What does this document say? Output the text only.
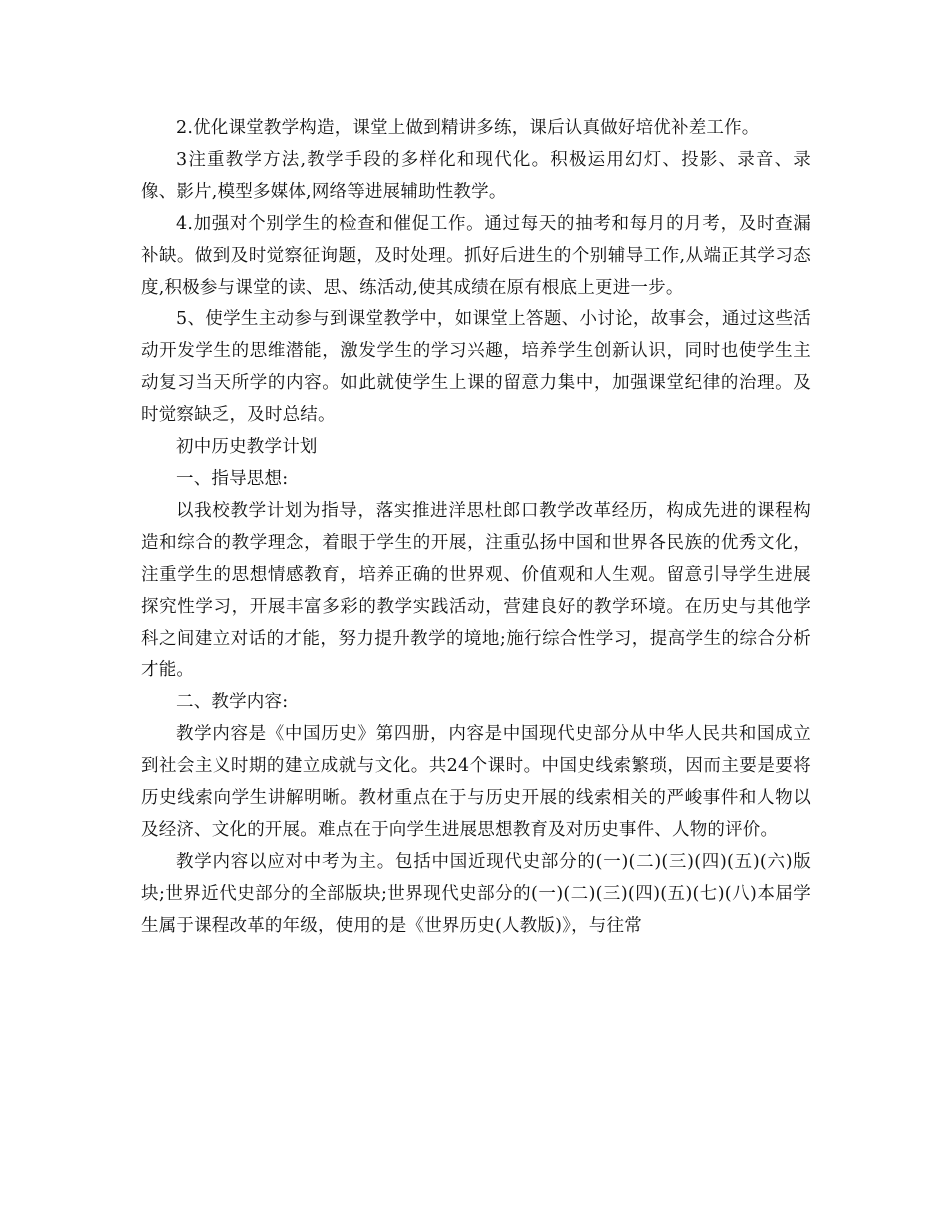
2.优化课堂教学构造，课堂上做到精讲多练，课后认真做好培优补差工作。

3注重教学方法,教学手段的多样化和现代化。积极运用幻灯、投影、录音、录像、影片,模型多媒体,网络等进展辅助性教学。

4.加强对个别学生的检查和催促工作。通过每天的抽考和每月的月考，及时查漏补缺。做到及时觉察征询题，及时处理。抓好后进生的个别辅导工作,从端正其学习态度,积极参与课堂的读、思、练活动,使其成绩在原有根底上更进一步。

5、使学生主动参与到课堂教学中，如课堂上答题、小讨论，故事会，通过这些活动开发学生的思维潜能，激发学生的学习兴趣，培养学生创新认识，同时也使学生主动复习当天所学的内容。如此就使学生上课的留意力集中，加强课堂纪律的治理。及时觉察缺乏，及时总结。

初中历史教学计划

一、指导思想:

以我校教学计划为指导，落实推进洋思杜郎口教学改革经历，构成先进的课程构造和综合的教学理念，着眼于学生的开展，注重弘扬中国和世界各民族的优秀文化，注重学生的思想情感教育，培养正确的世界观、价值观和人生观。留意引导学生进展探究性学习，开展丰富多彩的教学实践活动，营建良好的教学环境。在历史与其他学科之间建立对话的才能，努力提升教学的境地;施行综合性学习，提高学生的综合分析才能。

二、教学内容:

教学内容是《中国历史》第四册，内容是中国现代史部分从中华人民共和国成立到社会主义时期的建立成就与文化。共24个课时。中国史线索繁琐，因而主要是要将历史线索向学生讲解明晰。教材重点在于与历史开展的线索相关的严峻事件和人物以及经济、文化的开展。难点在于向学生进展思想教育及对历史事件、人物的评价。

教学内容以应对中考为主。包括中国近现代史部分的(一)(二)(三)(四)(五)(六)版块;世界近代史部分的全部版块;世界现代史部分的(一)(二)(三)(四)(五)(七)(八)本届学生属于课程改革的年级，使用的是《世界历史(人教版)》，与往常
